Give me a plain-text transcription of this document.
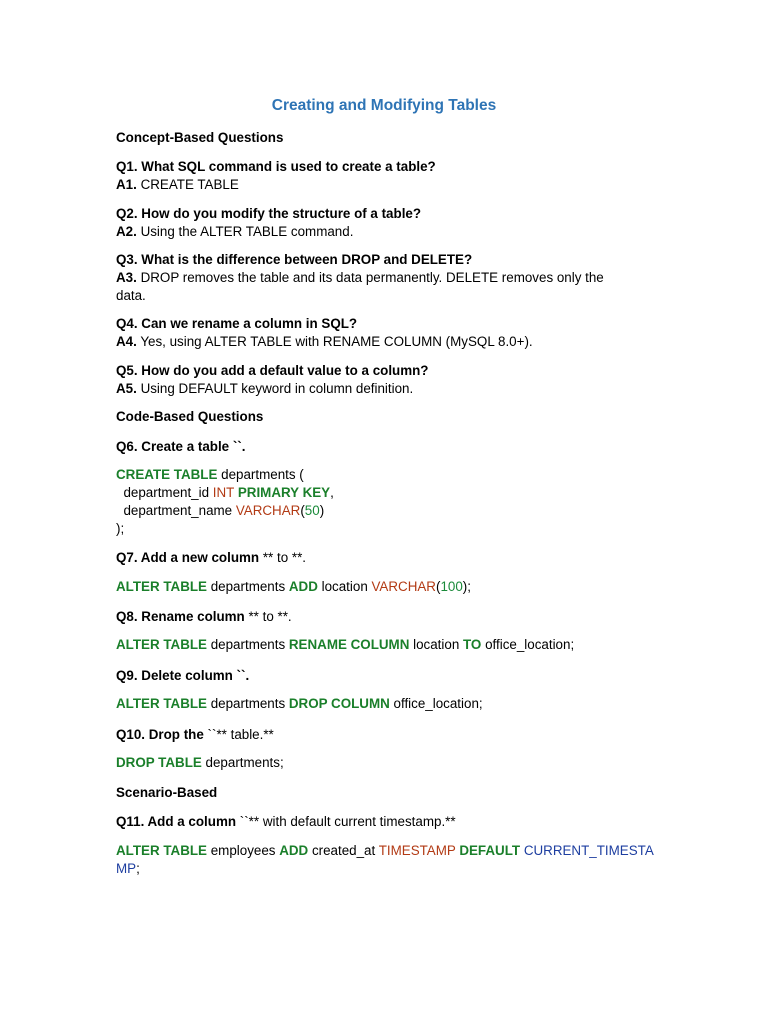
Creating and Modifying Tables

Concept-Based Questions

Q1. What SQL command is used to create a table?

A1. CREATE TABLE

Q2. How do you modify the structure of a table?

A2. Using the ALTER TABLE command.

Q3. What is the difference between DROP and DELETE?

A3. DROP removes the table and its data permanently. DELETE removes only the

data.

Q4. Can we rename a column in SQL?

A4. Yes, using ALTER TABLE with RENAME COLUMN (MySQL 8.0+).

Q5. How do you add a default value to a column?

A5. Using DEFAULT keyword in column definition.

Code-Based Questions

Q6. Create a table ``.

CREATE TABLE departments (

department_id INT PRIMARY KEY,

department_name VARCHAR(50)

);

Q7. Add a new column ** to **.

ALTER TABLE departments ADD location VARCHAR(100);

Q8. Rename column ** to **.

ALTER TABLE departments RENAME COLUMN location TO office_location;

Q9. Delete column ``.

ALTER TABLE departments DROP COLUMN office_location;

Q10. Drop the ``** table.**

DROP TABLE departments;

Scenario-Based

Q11. Add a column ``** with default current timestamp.**

ALTER TABLE employees ADD created_at TIMESTAMP DEFAULT CURRENT_TIMESTA

MP;
